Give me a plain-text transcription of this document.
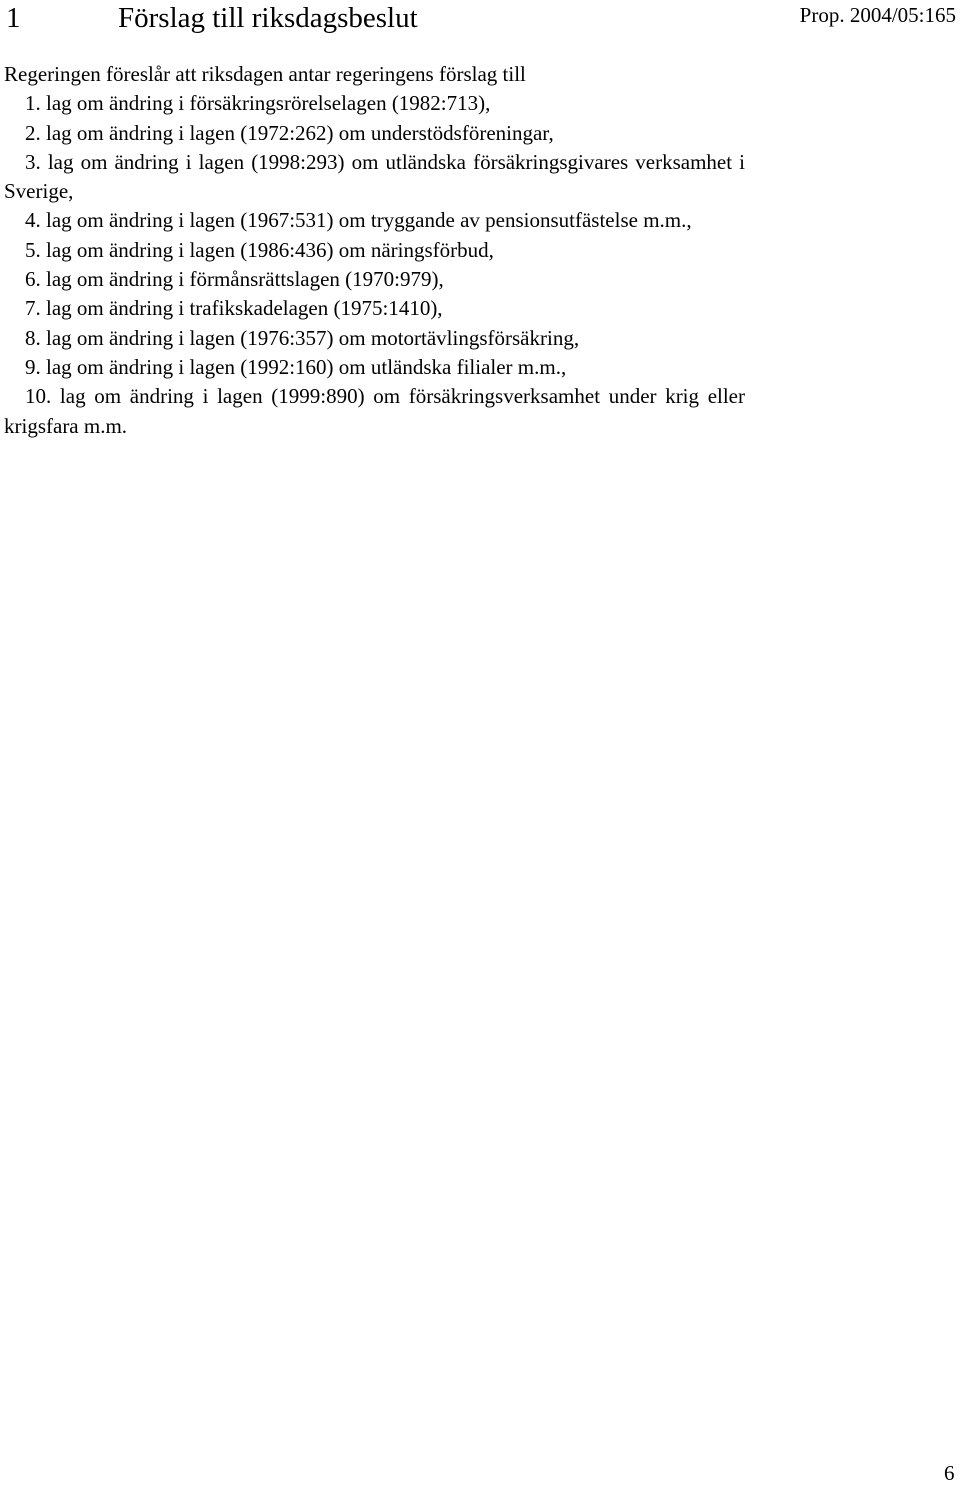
1	Förslag till riksdagsbeslut	Prop. 2004/05:165

Regeringen föreslår att riksdagen antar regeringens förslag till

1. lag om ändring i försäkringsrörelselagen (1982:713),

2. lag om ändring i lagen (1972:262) om understödsföreningar,

3. lag om ändring i lagen (1998:293) om utländska försäkringsgivares verksamhet i Sverige,

4. lag om ändring i lagen (1967:531) om tryggande av pensionsutfästelse m.m.,

5. lag om ändring i lagen (1986:436) om näringsförbud,

6. lag om ändring i förmånsrättslagen (1970:979),

7. lag om ändring i trafikskadelagen (1975:1410),

8. lag om ändring i lagen (1976:357) om motortävlingsförsäkring,

9. lag om ändring i lagen (1992:160) om utländska filialer m.m.,

10. lag om ändring i lagen (1999:890) om försäkringsverksamhet under krig eller krigsfara m.m.

6
